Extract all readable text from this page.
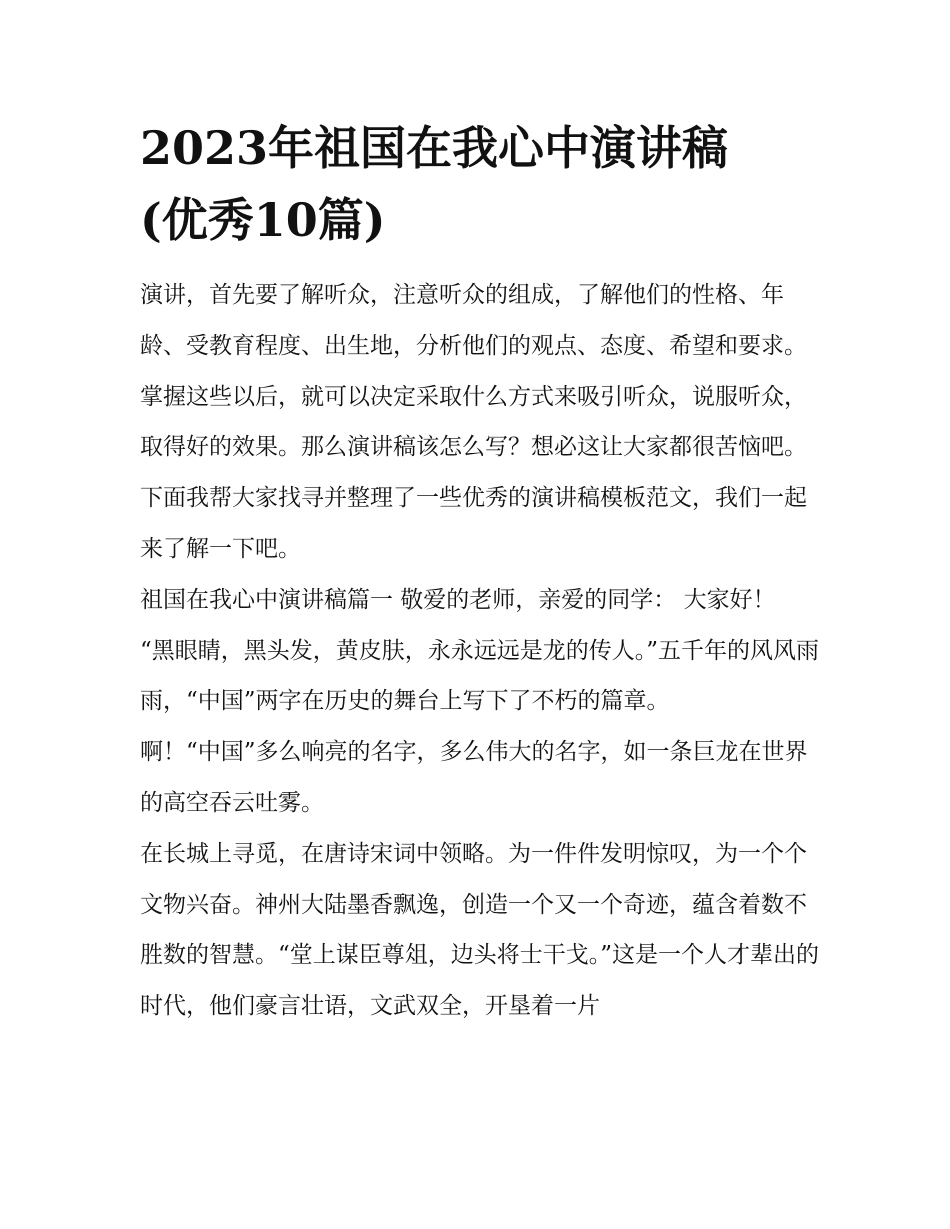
2023年祖国在我心中演讲稿
(优秀10篇)

演讲，首先要了解听众，注意听众的组成，了解他们的性格、年龄、受教育程度、出生地，分析他们的观点、态度、希望和要求。掌握这些以后，就可以决定采取什么方式来吸引听众，说服听众，取得好的效果。那么演讲稿该怎么写？想必这让大家都很苦恼吧。下面我帮大家找寻并整理了一些优秀的演讲稿模板范文，我们一起来了解一下吧。

祖国在我心中演讲稿篇一 敬爱的老师，亲爱的同学： 大家好！

“黑眼睛，黑头发，黄皮肤，永永远远是龙的传人。”五千年的风风雨雨，“中国”两字在历史的舞台上写下了不朽的篇章。

啊！“中国”多么响亮的名字，多么伟大的名字，如一条巨龙在世界的高空吞云吐雾。

在长城上寻觅，在唐诗宋词中领略。为一件件发明惊叹，为一个个文物兴奋。神州大陆墨香飘逸，创造一个又一个奇迹，蕴含着数不胜数的智慧。“堂上谋臣尊俎，边头将士干戈。”这是一个人才辈出的时代，他们豪言壮语，文武双全，开垦着一片
